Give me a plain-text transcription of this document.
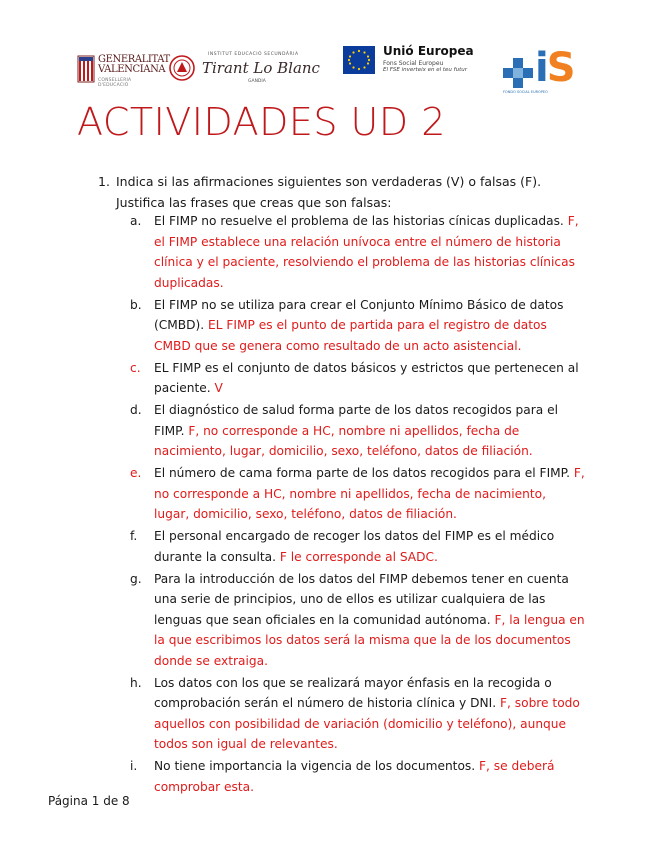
GENERALITAT
VALENCIANA
CONSELLERIA D'EDUCACIÓ
INSTITUT EDUCACIÓ SECUNDÀRIA
Tirant Lo Blanc
GANDIA
Unió Europea
Fons Social Europeu
El FSE inverteix en el teu futur
FONDO SOCIAL EUROPEO
iS
ACTIVIDADES UD 2
1. Indica si las afirmaciones siguientes son verdaderas (V) o falsas (F). Justifica las frases que creas que son falsas:
a.	El FIMP no resuelve el problema de las historias cínicas duplicadas. F, el FIMP establece una relación unívoca entre el número de historia clínica y el paciente, resolviendo el problema de las historias clínicas duplicadas.
b.	El FIMP no se utiliza para crear el Conjunto Mínimo Básico de datos (CMBD). EL FIMP es el punto de partida para el registro de datos CMBD que se genera como resultado de un acto asistencial.
c.	EL FIMP es el conjunto de datos básicos y estrictos que pertenecen al paciente. V
d.	El diagnóstico de salud forma parte de los datos recogidos para el FIMP. F, no corresponde a HC, nombre ni apellidos, fecha de nacimiento, lugar, domicilio, sexo, teléfono, datos de filiación.
e.	El número de cama forma parte de los datos recogidos para el FIMP. F, no corresponde a HC, nombre ni apellidos, fecha de nacimiento, lugar, domicilio, sexo, teléfono, datos de filiación.
f.	El personal encargado de recoger los datos del FIMP es el médico durante la consulta. F le corresponde al SADC.
g.	Para la introducción de los datos del FIMP debemos tener en cuenta una serie de principios, uno de ellos es utilizar cualquiera de las lenguas que sean oficiales en la comunidad autónoma. F, la lengua en la que escribimos los datos será la misma que la de los documentos donde se extraiga.
h.	Los datos con los que se realizará mayor énfasis en la recogida o comprobación serán el número de historia clínica y DNI. F, sobre todo aquellos con posibilidad de variación (domicilio y teléfono), aunque todos son igual de relevantes.
i.	No tiene importancia la vigencia de los documentos. F, se deberá comprobar esta.
Página 1 de 8
